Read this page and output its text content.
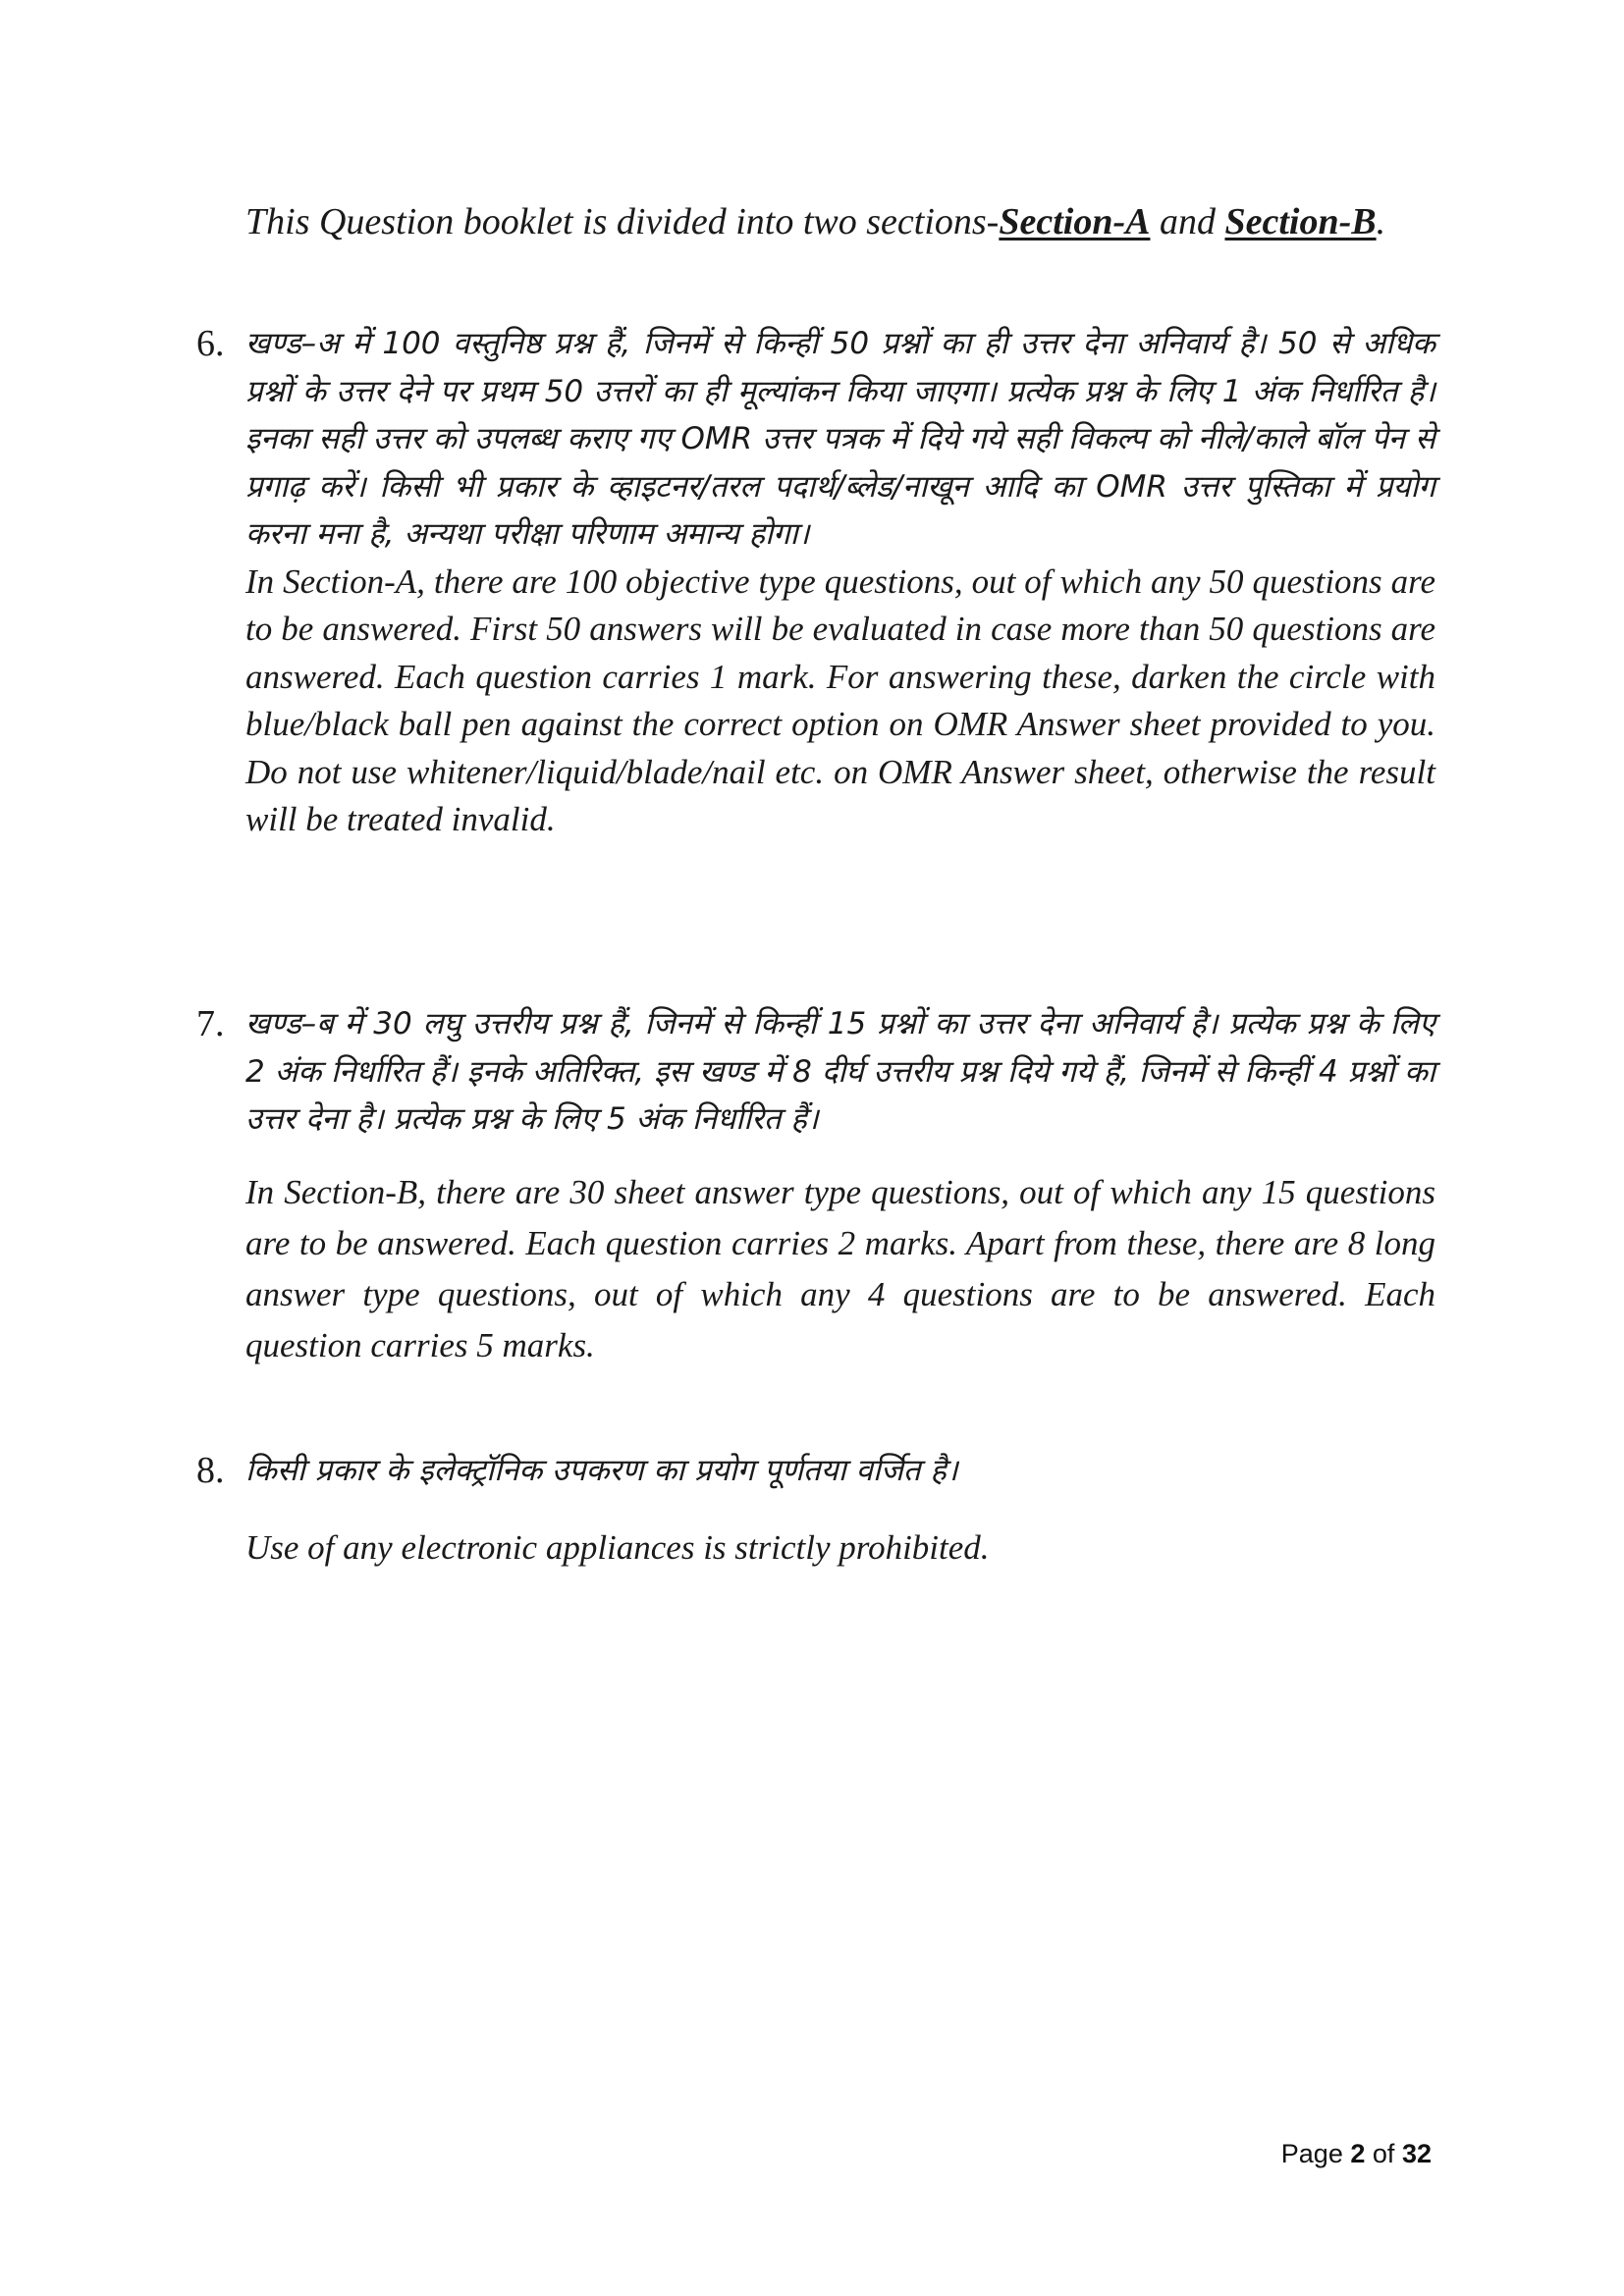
This Question booklet is divided into two sections-Section-A and Section-B.
6. खण्ड–अ में 100 वस्तुनिष्ठ प्रश्न हैं, जिनमें से किन्हीं 50 प्रश्नों का ही उत्तर देना अनिवार्य है। 50 से अधिक प्रश्नों के उत्तर देने पर प्रथम 50 उत्तरों का ही मूल्यांकन किया जाएगा। प्रत्येक प्रश्न के लिए 1 अंक निर्धारित है। इनका सही उत्तर को उपलब्ध कराए गए OMR उत्तर पत्रक में दिये गये सही विकल्प को नीले/काले बॉल पेन से प्रगाढ़ करें। किसी भी प्रकार के व्हाइटनर/तरल पदार्थ/ब्लेड/नाखून आदि का OMR उत्तर पुस्तिका में प्रयोग करना मना है, अन्यथा परीक्षा परिणाम अमान्य होगा।

In Section-A, there are 100 objective type questions, out of which any 50 questions are to be answered. First 50 answers will be evaluated in case more than 50 questions are answered. Each question carries 1 mark. For answering these, darken the circle with blue/black ball pen against the correct option on OMR Answer sheet provided to you. Do not use whitener/liquid/blade/nail etc. on OMR Answer sheet, otherwise the result will be treated invalid.

7. खण्ड–ब में 30 लघु उत्तरीय प्रश्न हैं, जिनमें से किन्हीं 15 प्रश्नों का उत्तर देना अनिवार्य है। प्रत्येक प्रश्न के लिए 2 अंक निर्धारित हैं। इनके अतिरिक्त, इस खण्ड में 8 दीर्घ उत्तरीय प्रश्न दिये गये हैं, जिनमें से किन्हीं 4 प्रश्नों का उत्तर देना है। प्रत्येक प्रश्न के लिए 5 अंक निर्धारित हैं।

In Section-B, there are 30 sheet answer type questions, out of which any 15 questions are to be answered. Each question carries 2 marks. Apart from these, there are 8 long answer type questions, out of which any 4 questions are to be answered. Each question carries 5 marks.

8. किसी प्रकार के इलेक्ट्रॉनिक उपकरण का प्रयोग पूर्णतया वर्जित है।

Use of any electronic appliances is strictly prohibited.

Page 2 of 32
